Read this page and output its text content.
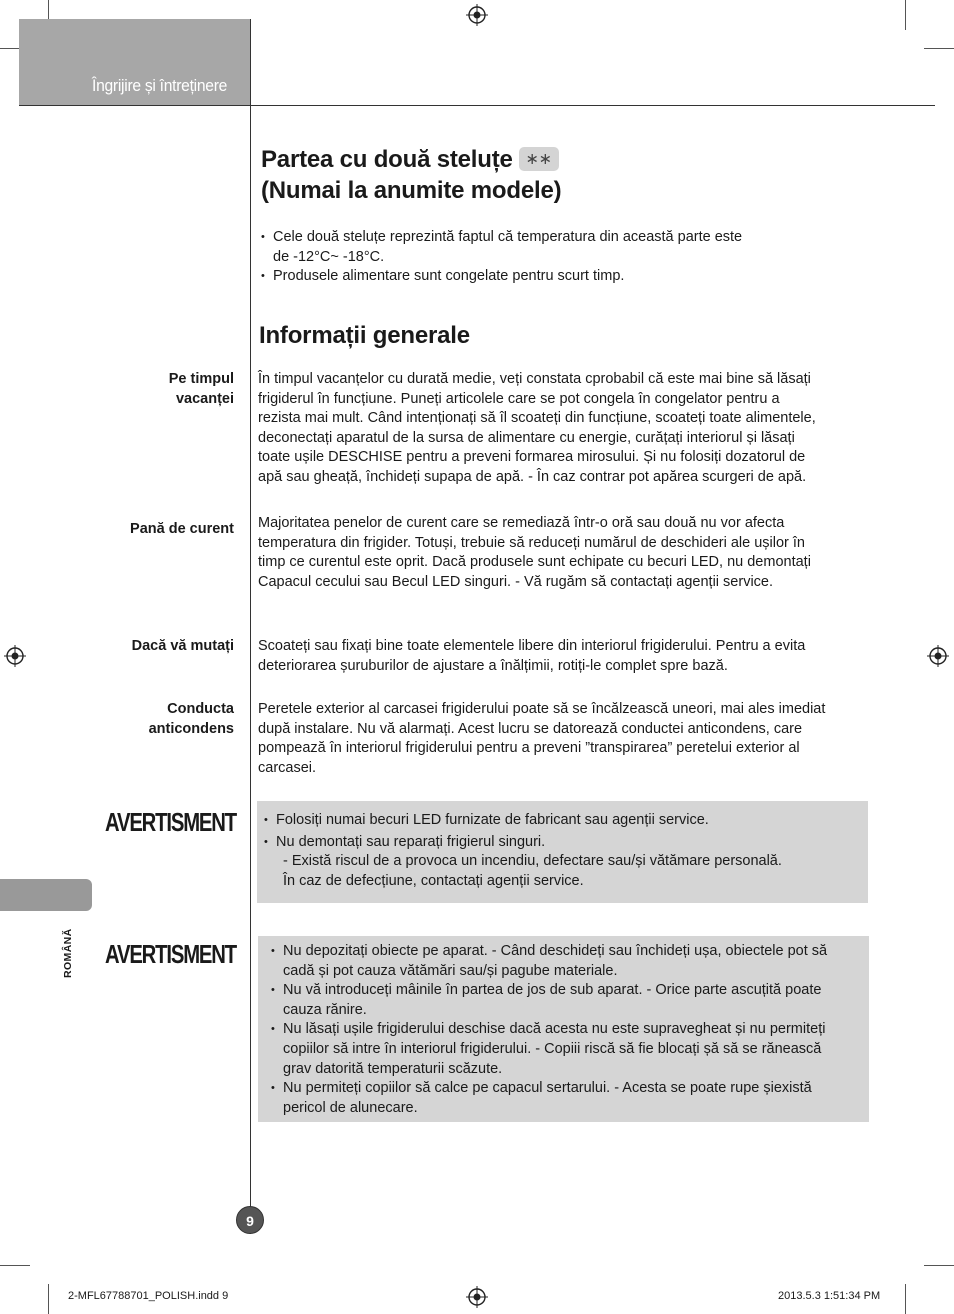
Îngrijire și întreținere
Partea cu două steluțe ∗∗
(Numai la anumite modele)
• Cele două steluțe reprezintă faptul că temperatura din această parte este
de -12°C~ -18°C.
• Produsele alimentare sunt congelate pentru scurt timp.
Informații generale
Pe timpul
vacanței
În timpul vacanțelor cu durată medie, veți constata cprobabil că este mai bine să lăsați
frigiderul în funcțiune. Puneți articolele care se pot congela în congelator pentru a
rezista mai mult. Când intenționați să îl scoateți din funcțiune, scoateți toate alimentele,
deconectați aparatul de la sursa de alimentare cu energie, curățați interiorul și lăsați
toate ușile DESCHISE pentru a preveni formarea mirosului. Și nu folosiți dozatorul de
apă sau gheață, închideți supapa de apă. - În caz contrar pot apărea scurgeri de apă.
Pană de curent Majoritatea penelor de curent care se remediază într-o oră sau două nu vor afecta
temperatura din frigider. Totuși, trebuie să reduceți numărul de deschideri ale ușilor în
timp ce curentul este oprit. Dacă produsele sunt echipate cu becuri LED, nu demontați
Capacul cecului sau Becul LED singuri. - Vă rugăm să contactați agenții service.
Dacă vă mutați Scoateți sau fixați bine toate elementele libere din interiorul frigiderului. Pentru a evita
deteriorarea șuruburilor de ajustare a înălțimii, rotiți-le complet spre bază.
Conducta
anticondens
Peretele exterior al carcasei frigiderului poate să se încălzească uneori, mai ales imediat
după instalare. Nu vă alarmați. Acest lucru se datorează conductei anticondens, care
pompează în interiorul frigiderului pentru a preveni ”transpirarea” peretelui exterior al
carcasei.
AVERTISMENT	• Folosiți numai becuri LED furnizate de fabricant sau agenții service.
• Nu demontați sau reparați frigierul singuri.
- Există riscul de a provoca un incendiu, defectare sau/și vătămare personală.
În caz de defecțiune, contactați agenții service.
ROMÂNĂ AVERTISMENT	• Nu depozitați obiecte pe aparat. - Când deschideți sau închideți ușa, obiectele pot să
cadă și pot cauza vătămări sau/și pagube materiale.
• Nu vă introduceți mâinile în partea de jos de sub aparat. - Orice parte ascuțită poate
cauza rănire.
• Nu lăsați ușile frigiderului deschise dacă acesta nu este supravegheat și nu permiteți
copiilor să intre în interiorul frigiderului. - Copiii riscă să fie blocați șă să se rănească
grav datorită temperaturii scăzute.
• Nu permiteți copiilor să calce pe capacul sertarului. - Acesta se poate rupe șiexistă
pericol de alunecare.
9
2-MFL67788701_POLISH.indd 9	2013.5.3 1:51:34 PM
